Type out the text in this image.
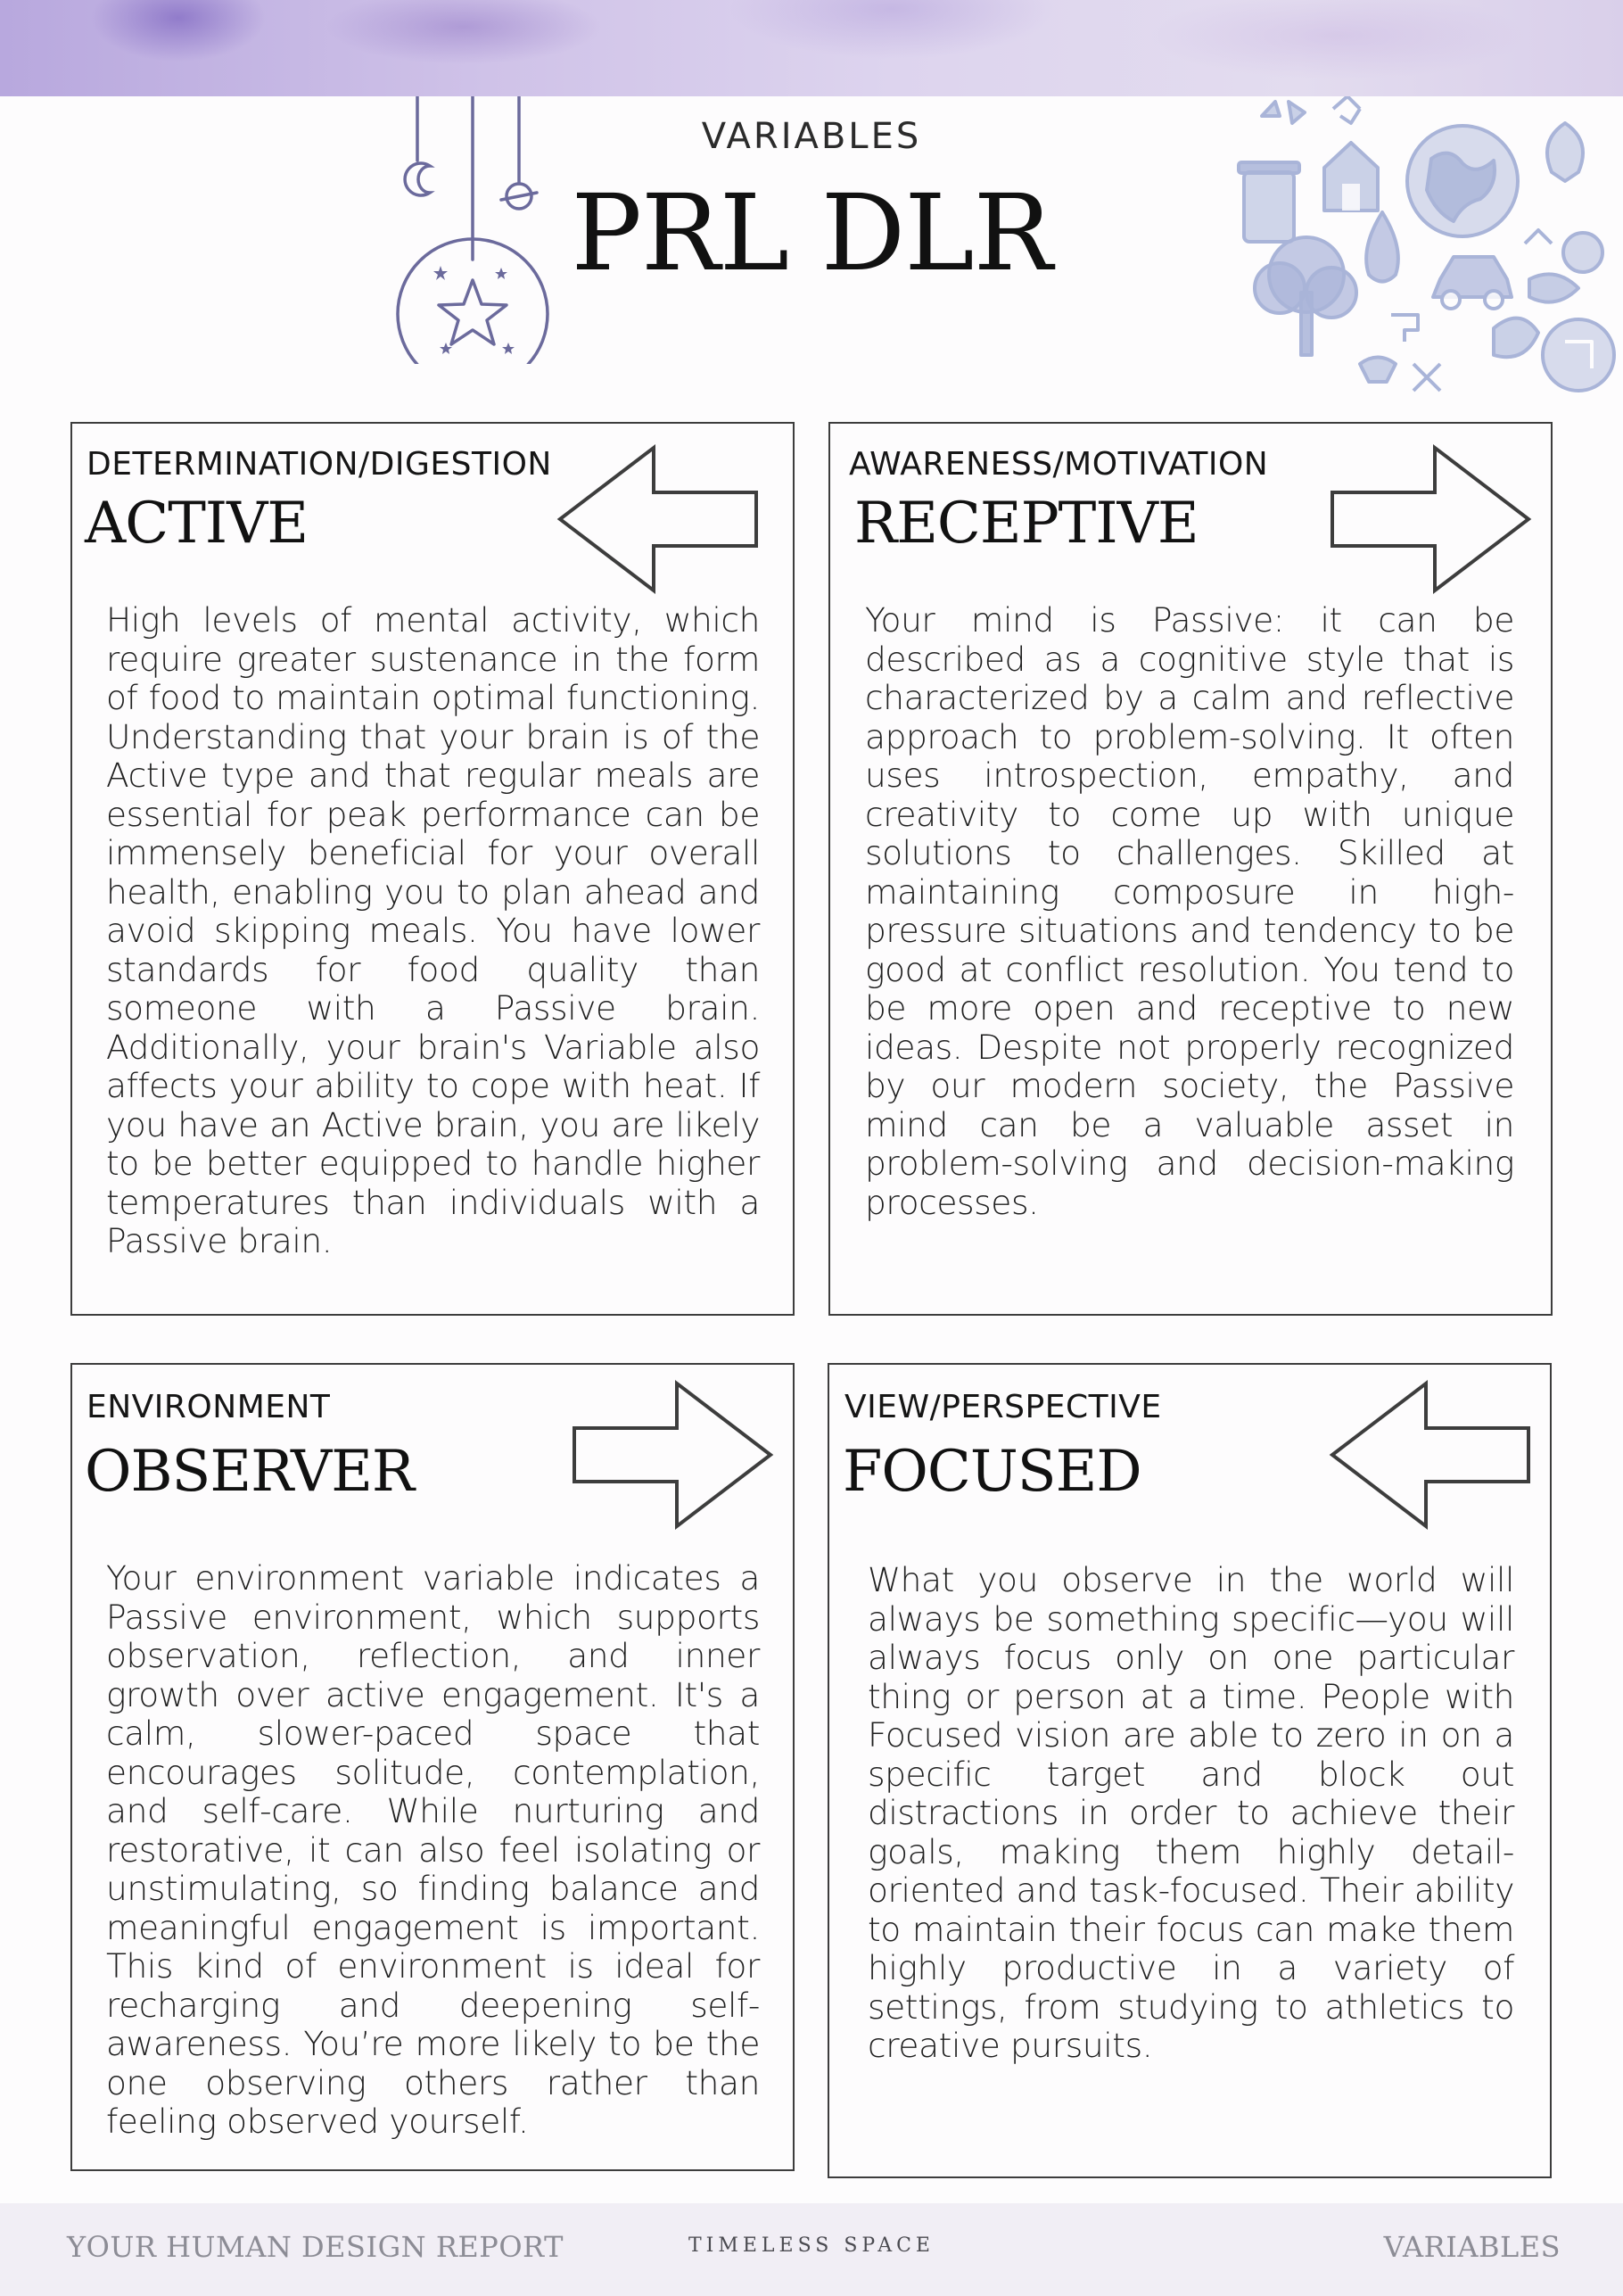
VARIABLES
PRL DLR
DETERMINATION/DIGESTION
ACTIVE
High levels of mental activity, which require greater sustenance in the form of food to maintain optimal functioning. Understanding that your brain is of the Active type and that regular meals are essential for peak performance can be immensely beneficial for your overall health, enabling you to plan ahead and avoid skipping meals. You have lower standards for food quality than someone with a Passive brain. Additionally, your brain's Variable also affects your ability to cope with heat. If you have an Active brain, you are likely to be better equipped to handle higher temperatures than individuals with a Passive brain.
AWARENESS/MOTIVATION
RECEPTIVE
Your mind is Passive: it can be described as a cognitive style that is characterized by a calm and reflective approach to problem-solving. It often uses introspection, empathy, and creativity to come up with unique solutions to challenges. Skilled at maintaining composure in high-pressure situations and tendency to be good at conflict resolution. You tend to be more open and receptive to new ideas. Despite not properly recognized by our modern society, the Passive mind can be a valuable asset in problem-solving and decision-making processes.
ENVIRONMENT
OBSERVER
Your environment variable indicates a Passive environment, which supports observation, reflection, and inner growth over active engagement. It's a calm, slower-paced space that encourages solitude, contemplation, and self-care. While nurturing and restorative, it can also feel isolating or unstimulating, so finding balance and meaningful engagement is important. This kind of environment is ideal for recharging and deepening self-awareness. You’re more likely to be the one observing others rather than feeling observed yourself.
VIEW/PERSPECTIVE
FOCUSED
What you observe in the world will always be something specific—you will always focus only on one particular thing or person at a time. People with Focused vision are able to zero in on a specific target and block out distractions in order to achieve their goals, making them highly detail-oriented and task-focused. Their ability to maintain their focus can make them highly productive in a variety of settings, from studying to athletics to creative pursuits.
YOUR HUMAN DESIGN REPORT	TIMELESS SPACE	VARIABLES
